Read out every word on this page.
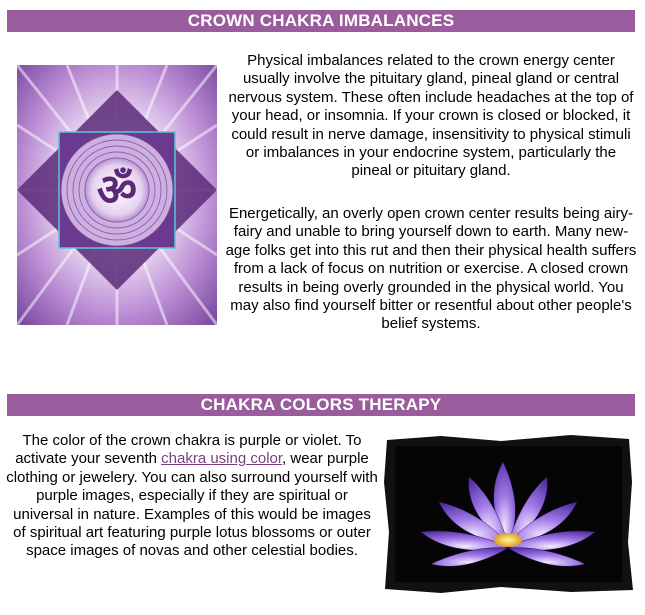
CROWN CHAKRA IMBALANCES
ॐ

Physical imbalances related to the crown energy center usually involve the pituitary gland, pineal gland or central nervous system. These often include headaches at the top of your head, or insomnia. If your crown is closed or blocked, it could result in nerve damage, insensitivity to physical stimuli or imbalances in your endocrine system, particularly the pineal or pituitary gland.

Energetically, an overly open crown center results being airy-fairy and unable to bring yourself down to earth. Many new-age folks get into this rut and then their physical health suffers from a lack of focus on nutrition or exercise. A closed crown results in being overly grounded in the physical world. You may also find yourself bitter or resentful about other people's belief systems.

CHAKRA COLORS THERAPY

The color of the crown chakra is purple or violet. To activate your seventh chakra using color, wear purple clothing or jewelery. You can also surround yourself with purple images, especially if they are spiritual or universal in nature. Examples of this would be images of spiritual art featuring purple lotus blossoms or outer space images of novas and other celestial bodies.
